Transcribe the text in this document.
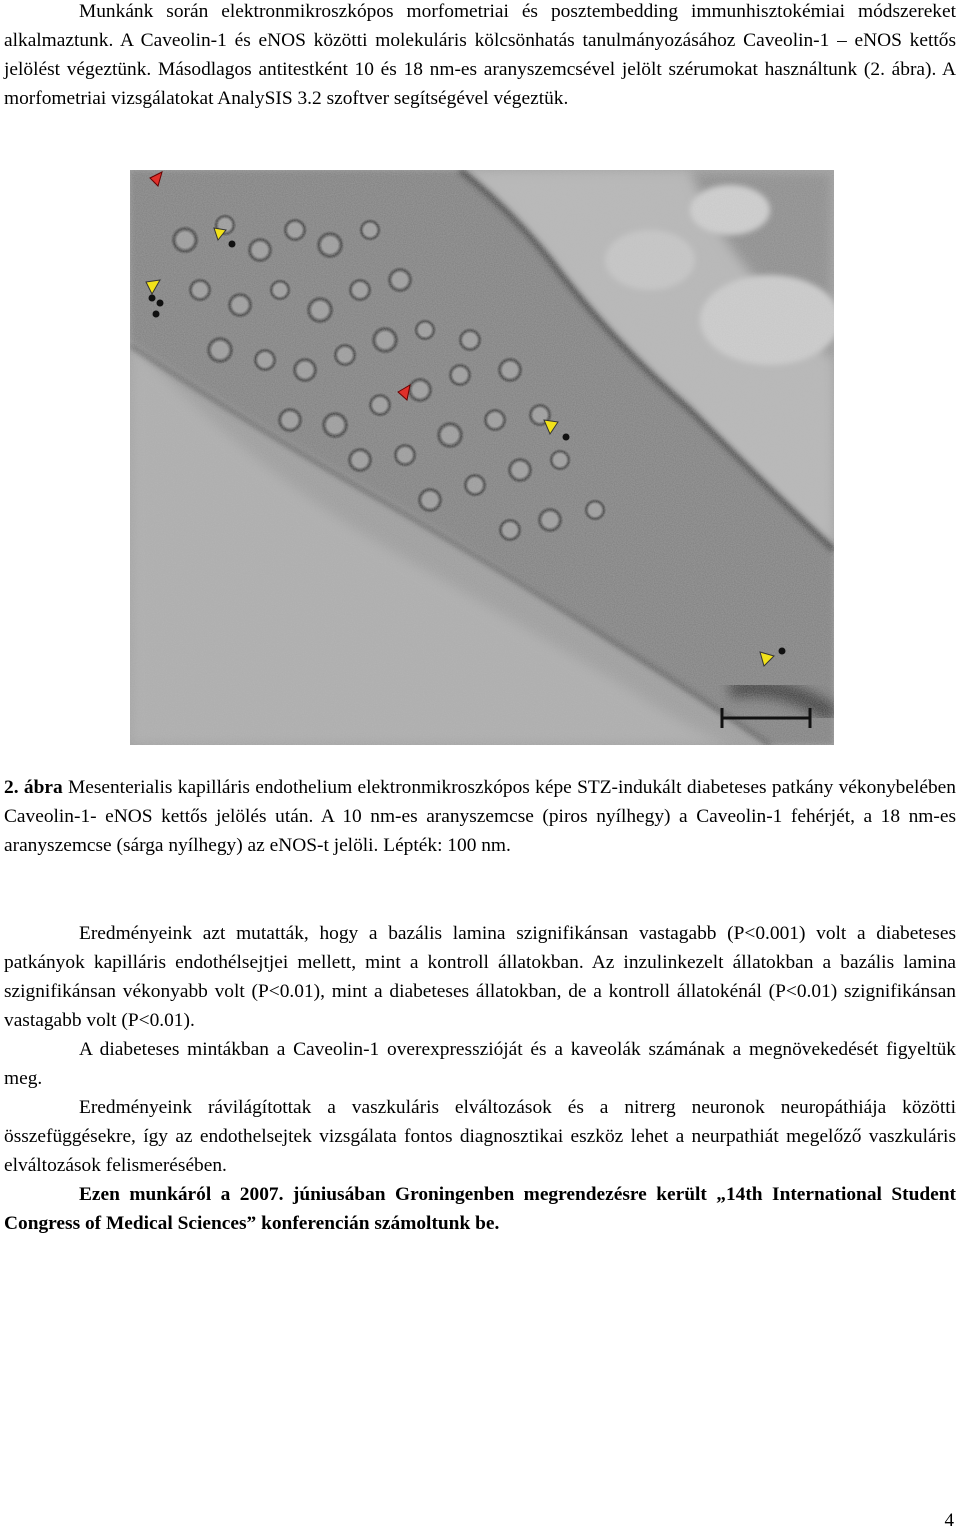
Munkánk során elektronmikroszkópos morfometriai és posztembedding immunhisztokémiai módszereket alkalmaztunk. A Caveolin-1 és eNOS közötti molekuláris kölcsönhatás tanulmányozásához Caveolin-1 – eNOS kettős jelölést végeztünk. Másodlagos antitestként 10 és 18 nm-es aranyszemcsével jelölt szérumokat használtunk (2. ábra). A morfometriai vizsgálatokat AnalySIS 3.2 szoftver segítségével végeztük.

2. ábra Mesenterialis kapilláris endothelium elektronmikroszkópos képe STZ-indukált diabeteses patkány vékonybelében Caveolin-1- eNOS kettős jelölés után. A 10 nm-es aranyszemcse (piros nyílhegy) a Caveolin-1 fehérjét, a 18 nm-es aranyszemcse (sárga nyílhegy) az eNOS-t jelöli. Lépték: 100 nm.

Eredményeink azt mutatták, hogy a bazális lamina szignifikánsan vastagabb (P<0.001) volt a diabeteses patkányok kapilláris endothélsejtjei mellett, mint a kontroll állatokban. Az inzulinkezelt állatokban a bazális lamina szignifikánsan vékonyabb volt (P<0.01), mint a diabeteses állatokban, de a kontroll állatokénál (P<0.01) szignifikánsan vastagabb volt (P<0.01).

A diabeteses mintákban a Caveolin-1 overexpresszióját és a kaveolák számának a megnövekedését figyeltük meg.

Eredményeink rávilágítottak a vaszkuláris elváltozások és a nitrerg neuronok neuropáthiája közötti összefüggésekre, így az endothelsejtek vizsgálata fontos diagnosztikai eszköz lehet a neurpathiát megelőző vaszkuláris elváltozások felismerésében.

Ezen munkáról a 2007. júniusában Groningenben megrendezésre került „14th International Student Congress of Medical Sciences” konferencián számoltunk be.

4
